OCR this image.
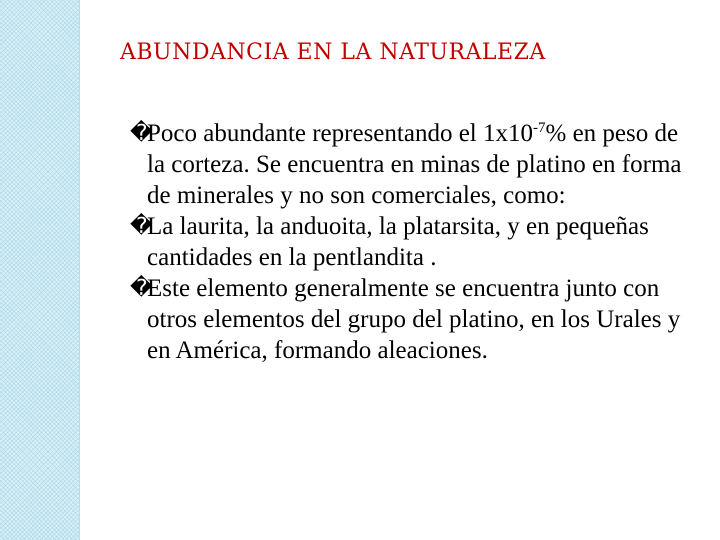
ABUNDANCIA EN LA NATURALEZA

�
Poco abundante representando el $1x10^{-7}\%$ en peso de la corteza. Se encuentra en minas de platino en forma de minerales y no son comerciales, como:

�
La laurita, la anduoita, la platarsita, y en pequeñas cantidades en la pentlandita .

�
Este elemento generalmente se encuentra junto con otros elementos del grupo del platino, en los Urales y en América, formando aleaciones.
